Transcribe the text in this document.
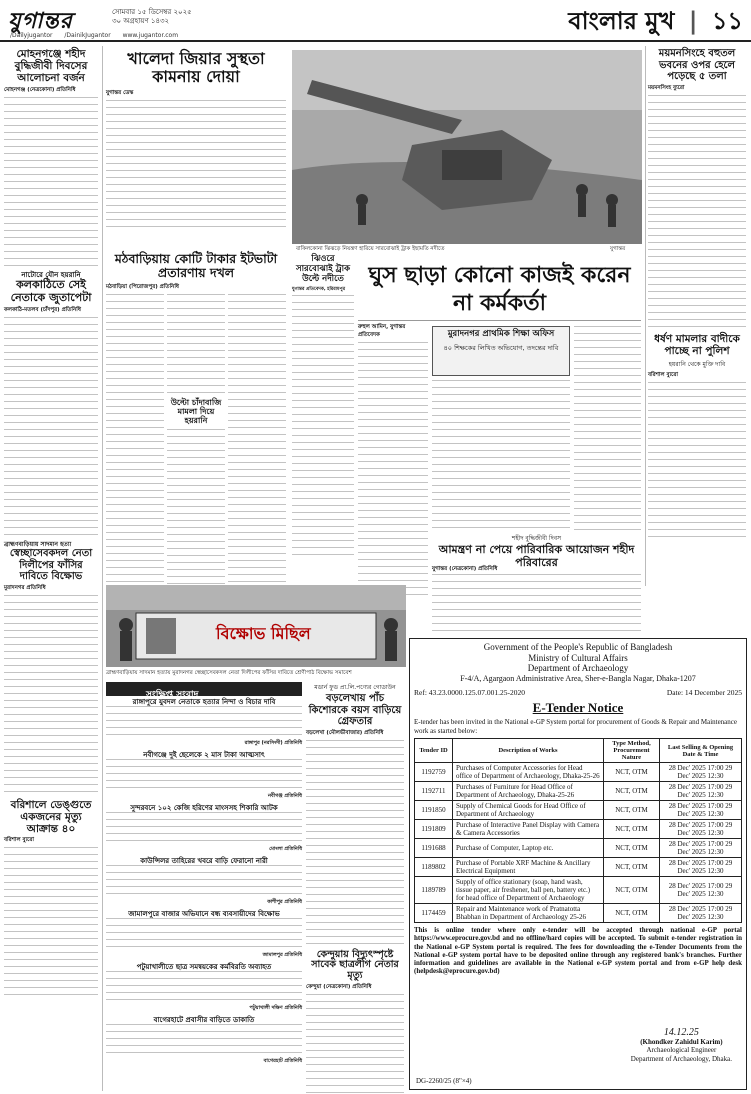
যুগান্তর	সোমবার ১৫ ডিসেম্বর ২০২৫
৩০ অগ্রহায়ণ ১৪৩২
/Dailyjugantor /DainikJugantor www.jugantor.com
বাংলার মুখ | ১১
মোহনগঞ্জে শহীদ বুদ্ধিজীবী দিবসের আলোচনা বর্জন
মোহনগঞ্জ (নেত্রকোনা) প্রতিনিধি
নাটোরে যৌন হয়রানি
কলকাঠিতে সেই নেতাকে জুতাপেটা
কলকাঠি-মতলব (চাঁদপুর) প্রতিনিধি
ব্রাহ্মণবাড়িয়ায় সাদমান হত্যা
স্বেচ্ছাসেবকদল নেতা দিলীপের ফাঁসির দাবিতে বিক্ষোভ
মুরাদনগর প্রতিনিধি
বরিশালে ডেঙ্গুতে একজনের মৃত্যু আক্রান্ত ৪০
বরিশাল ব্যুরো
খালেদা জিয়ার সুস্থতা কামনায় দোয়া
যুগান্তর ডেস্ক
বাকিলকোনা ঝিঝড়ে নিয়ন্ত্রণ হারিয়ে সারবোঝাই ট্রাক ইছামতি নদীতে	যুগান্তর
মঠবাড়িয়ায় কোটি টাকার ইটভাটা প্রতারণায় দখল
মঠবাড়িয়া (পিরোজপুর) প্রতিনিধি
উল্টো চাঁদাবাজি মামলা দিয়ে হয়রানি
ঝিওরে সারবোঝাই ট্রাক উল্টে নদীতে
যুগান্তর প্রতিবেদক, হরিরামপুর
ঘুস ছাড়া কোনো কাজই করেন না কর্মকর্তা
রুহুল আমিন, যুগান্তর প্রতিবেদক	মুরাদনগর প্রাথমিক শিক্ষা অফিস
৪০ শিক্ষকের লিখিত অভিযোগ, তদন্তের দাবি
শহীদ বুদ্ধিজীবী দিবস
আমন্ত্রণ না পেয়ে পারিবারিক আয়োজন শহীদ পরিবারের
যুগান্তর (নেত্রকোনা) প্রতিনিধি
ময়মনসিংহে বহুতল ভবনের ওপর হেলে পড়েছে ৫ তলা
ময়মনসিংহ ব্যুরো
ধর্ষণ মামলার বাদীকে পাচ্ছে না পুলিশ
হয়রানি থেকে মুক্তি দাবি
বরিশাল ব্যুরো
বিক্ষোভ মিছিল
ব্রাহ্মণবাড়িয়ায় সাদমান হত্যায় মুরাদনগর স্বেচ্ছাসেবকদল নেতা দিলীপের ফাঁসির দাবিতে শ্রেণীপাঠ বিক্ষোভ সমাবেশ
সংক্ষিপ্ত সংবাদ
রাঙ্গাপুরে যুবদল নেতাকে হত্যার নিন্দা ও বিচার দাবি
রাঙ্গাপুর (নরসিংদী) প্রতিনিধি
নবীগঞ্জে দুই ছেলেকে ২ মাস টাকা আত্মসাৎ
নবীগঞ্জ প্রতিনিধি
সুন্দরবনে ১০২ কেজি হরিণের মাংসসহ শিকারি আটক
মোংলা প্রতিনিধি
কাউন্সিলর তাহিরের খবরে বাড়ি ফেরানো নারী
কাশীপুর প্রতিনিধি
জামালপুরে বাজার অভিযানে বন্ধ ব্যবসায়ীদের বিক্ষোভ
জামালপুর প্রতিনিধি
পটুয়াখালীতে ছাত্র সমন্বয়কের কর্মবিরতি অব্যাহত
পটুয়াখালী দক্ষিণ প্রতিনিধি
বাগেরহাটে প্রবাসীর বাড়িতে ডাকাতি
বাগেরহাট প্রতিনিধি
মডার্ন ফুড প্রা.লি.পণ্যের গোডাউন
বড়লেখায় পাঁচ কিশোরকে বয়স বাড়িয়ে গ্রেফতার
বড়লেখা (মৌলভীবাজার) প্রতিনিধি
কেন্দুয়ায় বিদ্যুৎস্পৃষ্টে সাবেক ছাত্রলীগ নেতার মৃত্যু
কেন্দুয়া (নেত্রকোনা) প্রতিনিধি
Government of the People's Republic of Bangladesh
Ministry of Cultural Affairs
Department of Archaeology
F-4/A, Agargaon Administrative Area, Sher-e-Bangla Nagar, Dhaka-1207
Ref: 43.23.0000.125.07.001.25-2020	Date: 14 December 2025
E-Tender Notice
E-tender has been invited in the National e-GP System portal for procurement of Goods & Repair and Maintenance work as started below:
Tender ID	Description of Works	Type Method, Procurement Nature	Last Selling & Opening Date & Time
1192759	Purchases of Computer Accessories for Head office of Department of Archaeology, Dhaka-25-26	NCT, OTM	28 Dec' 2025 17:00 29 Dec' 2025 12:30
1192711	Purchases of Furniture for Head Office of Department of Archaeology, Dhaka-25-26	NCT, OTM	28 Dec' 2025 17:00 29 Dec' 2025 12:30
1191850	Supply of Chemical Goods for Head Office of Department of Archaeology	NCT, OTM	28 Dec' 2025 17:00 29 Dec' 2025 12:30
1191809	Purchase of Interactive Panel Display with Camera & Camera Accessories	NCT, OTM	28 Dec' 2025 17:00 29 Dec' 2025 12:30
1191688	Purchase of Computer, Laptop etc.	NCT, OTM	28 Dec' 2025 17:00 29 Dec' 2025 12:30
1189802	Purchase of Portable XRF Machine & Ancillary Electrical Equipment	NCT, OTM	28 Dec' 2025 17:00 29 Dec' 2025 12:30
1189789	Supply of office stationary (soap, hand wash, tissue paper, air freshener, ball pen, battery etc.) for head office of Department of Archaeology	NCT, OTM	28 Dec' 2025 17:00 29 Dec' 2025 12:30
1174459	Repair and Maintenance work of Pratnatotta Bhabhan in Department of Archaeology 25-26	NCT, OTM	28 Dec' 2025 17:00 29 Dec' 2025 12:30
This is online tender where only e-tender will be accepted through national e-GP portal https://www.eprocure.gov.bd and no offline/hard copies will be accepted. To submit e-tender registration in the National e-GP System portal is required. The fees for downloading the e-Tender Documents from the National e-GP system portal have to be deposited online through any registered bank's branches. Further information and guidelines are available in the National e-GP system portal and from e-GP help desk (helpdesk@eprocure.gov.bd)
14.12.25
(Khondker Zahidul Karim)
Archaeological Engineer
Department of Archaeology, Dhaka.
DG-2260/25 (8"×4)
